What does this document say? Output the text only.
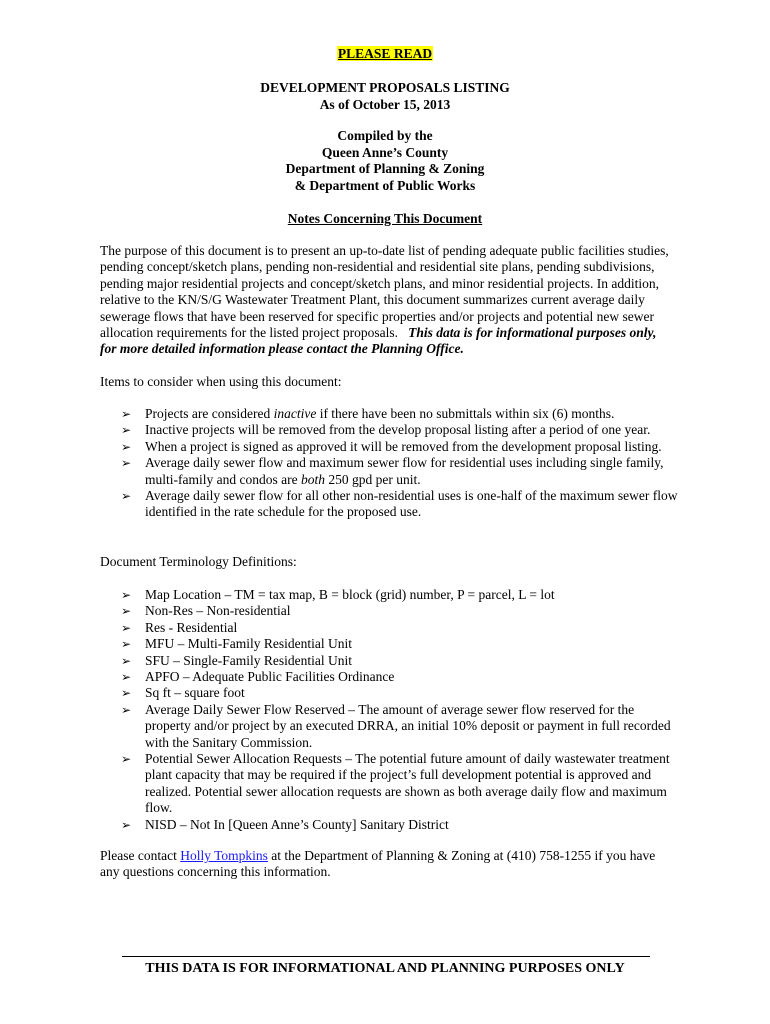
PLEASE READ
DEVELOPMENT PROPOSALS LISTING
As of October 15, 2013
Compiled by the
Queen Anne’s County
Department of Planning & Zoning
& Department of Public Works
Notes Concerning This Document
The purpose of this document is to present an up-to-date list of pending adequate public facilities studies, pending concept/sketch plans, pending non-residential and residential site plans, pending subdivisions, pending major residential projects and concept/sketch plans, and minor residential projects. In addition, relative to the KN/S/G Wastewater Treatment Plant, this document summarizes current average daily sewerage flows that have been reserved for specific properties and/or projects and potential new sewer allocation requirements for the listed project proposals. This data is for informational purposes only, for more detailed information please contact the Planning Office.
Items to consider when using this document:
➢ Projects are considered inactive if there have been no submittals within six (6) months.
➢ Inactive projects will be removed from the develop proposal listing after a period of one year.
➢ When a project is signed as approved it will be removed from the development proposal listing.
➢ Average daily sewer flow and maximum sewer flow for residential uses including single family, multi-family and condos are both 250 gpd per unit.
➢ Average daily sewer flow for all other non-residential uses is one-half of the maximum sewer flow identified in the rate schedule for the proposed use.
Document Terminology Definitions:
➢ Map Location – TM = tax map, B = block (grid) number, P = parcel, L = lot
➢ Non-Res – Non-residential
➢ Res - Residential
➢ MFU – Multi-Family Residential Unit
➢ SFU – Single-Family Residential Unit
➢ APFO – Adequate Public Facilities Ordinance
➢ Sq ft – square foot
➢ Average Daily Sewer Flow Reserved – The amount of average sewer flow reserved for the property and/or project by an executed DRRA, an initial 10% deposit or payment in full recorded with the Sanitary Commission.
➢ Potential Sewer Allocation Requests – The potential future amount of daily wastewater treatment plant capacity that may be required if the project’s full development potential is approved and realized. Potential sewer allocation requests are shown as both average daily flow and maximum flow.
➢ NISD – Not In [Queen Anne’s County] Sanitary District
Please contact Holly Tompkins at the Department of Planning & Zoning at (410) 758-1255 if you have any questions concerning this information.
THIS DATA IS FOR INFORMATIONAL AND PLANNING PURPOSES ONLY
